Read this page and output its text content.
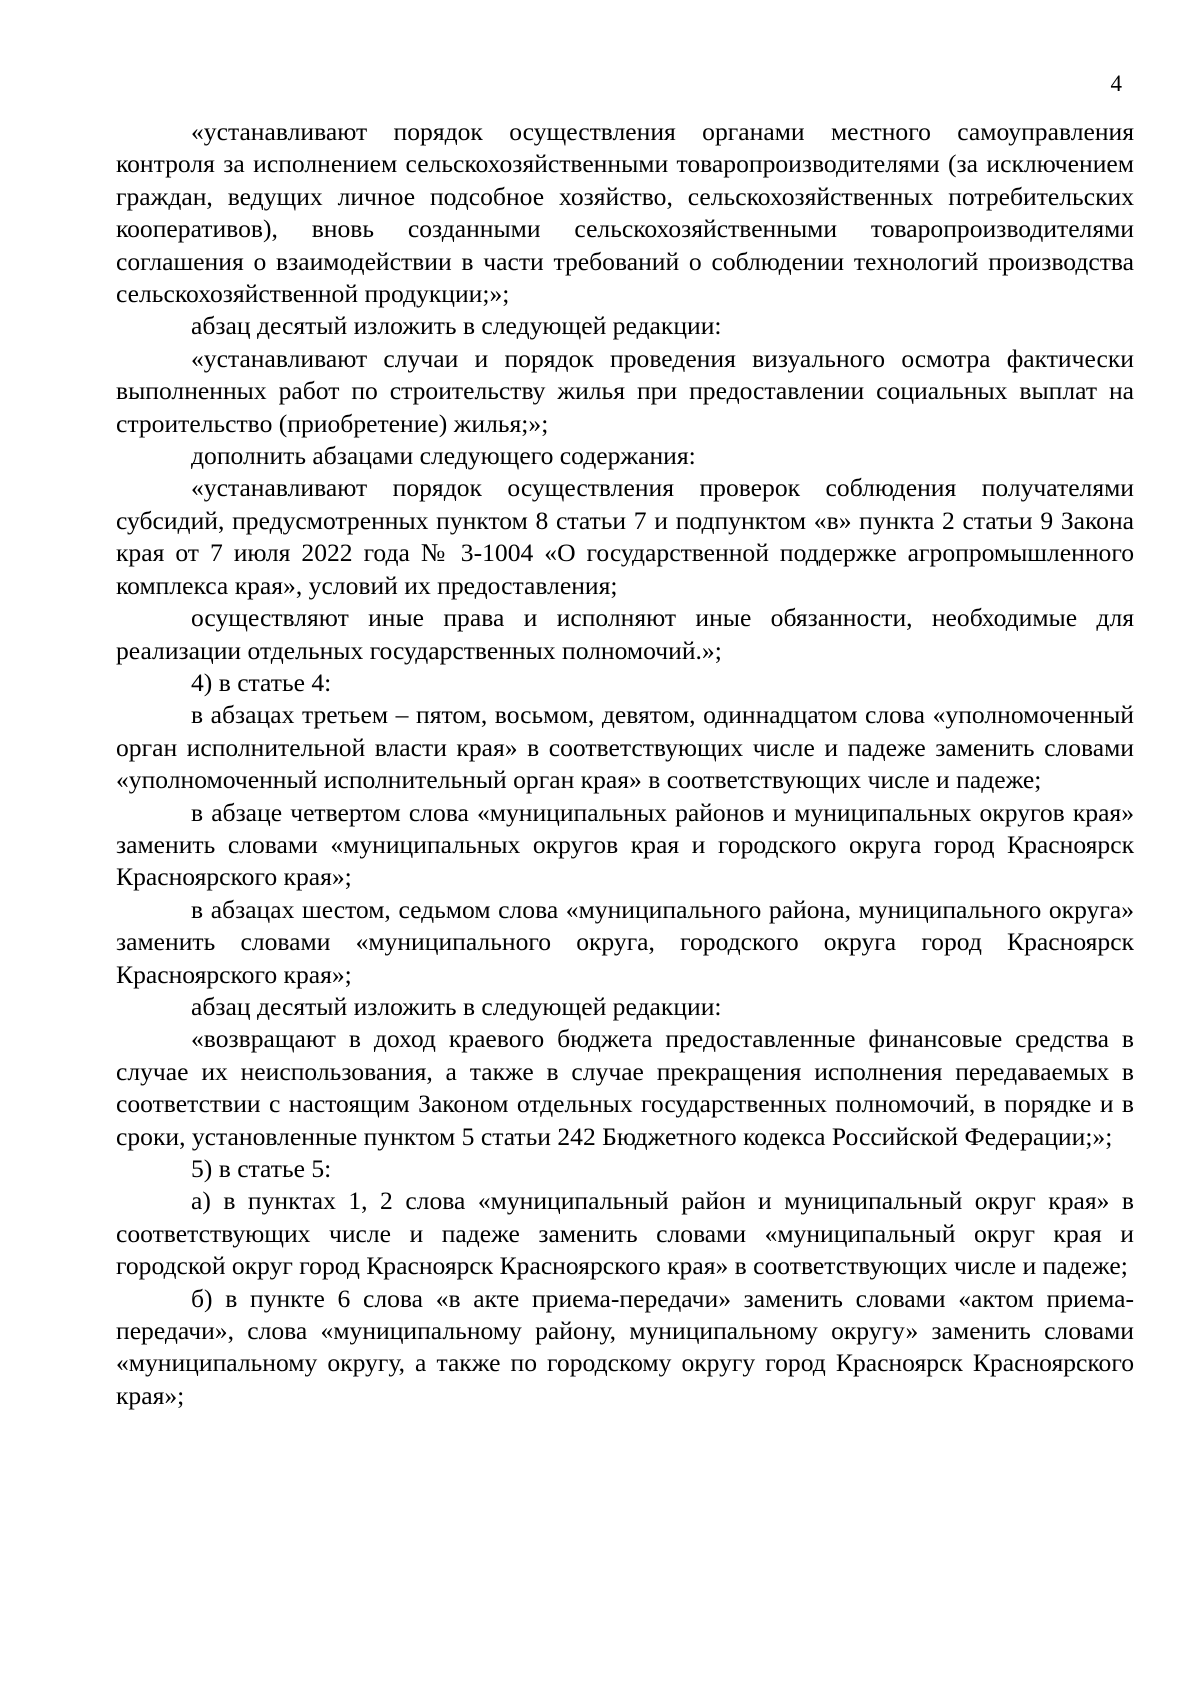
4

«устанавливают порядок осуществления органами местного самоуправления контроля за исполнением сельскохозяйственными товаропроизводителями (за исключением граждан, ведущих личное подсобное хозяйство, сельскохозяйственных потребительских кооперативов), вновь созданными сельскохозяйственными товаропроизводителями соглашения о взаимодействии в части требований о соблюдении технологий производства сельскохозяйственной продукции;»;

абзац десятый изложить в следующей редакции:

«устанавливают случаи и порядок проведения визуального осмотра фактически выполненных работ по строительству жилья при предоставлении социальных выплат на строительство (приобретение) жилья;»;

дополнить абзацами следующего содержания:

«устанавливают порядок осуществления проверок соблюдения получателями субсидий, предусмотренных пунктом 8 статьи 7 и подпунктом «в» пункта 2 статьи 9 Закона края от 7 июля 2022 года № 3-1004 «О государственной поддержке агропромышленного комплекса края», условий их предоставления;

осуществляют иные права и исполняют иные обязанности, необходимые для реализации отдельных государственных полномочий.»;

4) в статье 4:

в абзацах третьем – пятом, восьмом, девятом, одиннадцатом слова «уполномоченный орган исполнительной власти края» в соответствующих числе и падеже заменить словами «уполномоченный исполнительный орган края» в соответствующих числе и падеже;

в абзаце четвертом слова «муниципальных районов и муниципальных округов края» заменить словами «муниципальных округов края и городского округа город Красноярск Красноярского края»;

в абзацах шестом, седьмом слова «муниципального района, муниципального округа» заменить словами «муниципального округа, городского округа город Красноярск Красноярского края»;

абзац десятый изложить в следующей редакции:

«возвращают в доход краевого бюджета предоставленные финансовые средства в случае их неиспользования, а также в случае прекращения исполнения передаваемых в соответствии с настоящим Законом отдельных государственных полномочий, в порядке и в сроки, установленные пунктом 5 статьи 242 Бюджетного кодекса Российской Федерации;»;

5) в статье 5:

а) в пунктах 1, 2 слова «муниципальный район и муниципальный округ края» в соответствующих числе и падеже заменить словами «муниципальный округ края и городской округ город Красноярск Красноярского края» в соответствующих числе и падеже;

б) в пункте 6 слова «в акте приема-передачи» заменить словами «актом приема-передачи», слова «муниципальному району, муниципальному округу» заменить словами «муниципальному округу, а также по городскому округу город Красноярск Красноярского края»;
